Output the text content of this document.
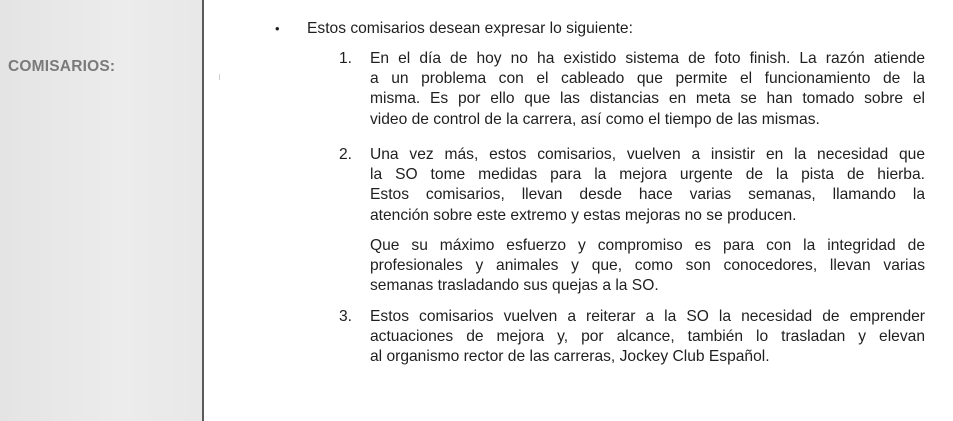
COMISARIOS:
• Estos comisarios desean expresar lo siguiente:
1. En el día de hoy no ha existido sistema de foto finish. La razón atiende
a un problema con el cableado que permite el funcionamiento de la
misma. Es por ello que las distancias en meta se han tomado sobre el
video de control de la carrera, así como el tiempo de las mismas.
2. Una vez más, estos comisarios, vuelven a insistir en la necesidad que
la SO tome medidas para la mejora urgente de la pista de hierba.
Estos comisarios, llevan desde hace varias semanas, llamando la
atención sobre este extremo y estas mejoras no se producen.
Que su máximo esfuerzo y compromiso es para con la integridad de
profesionales y animales y que, como son conocedores, llevan varias
semanas trasladando sus quejas a la SO.
3. Estos comisarios vuelven a reiterar a la SO la necesidad de emprender
actuaciones de mejora y, por alcance, también lo trasladan y elevan
al organismo rector de las carreras, Jockey Club Español.
